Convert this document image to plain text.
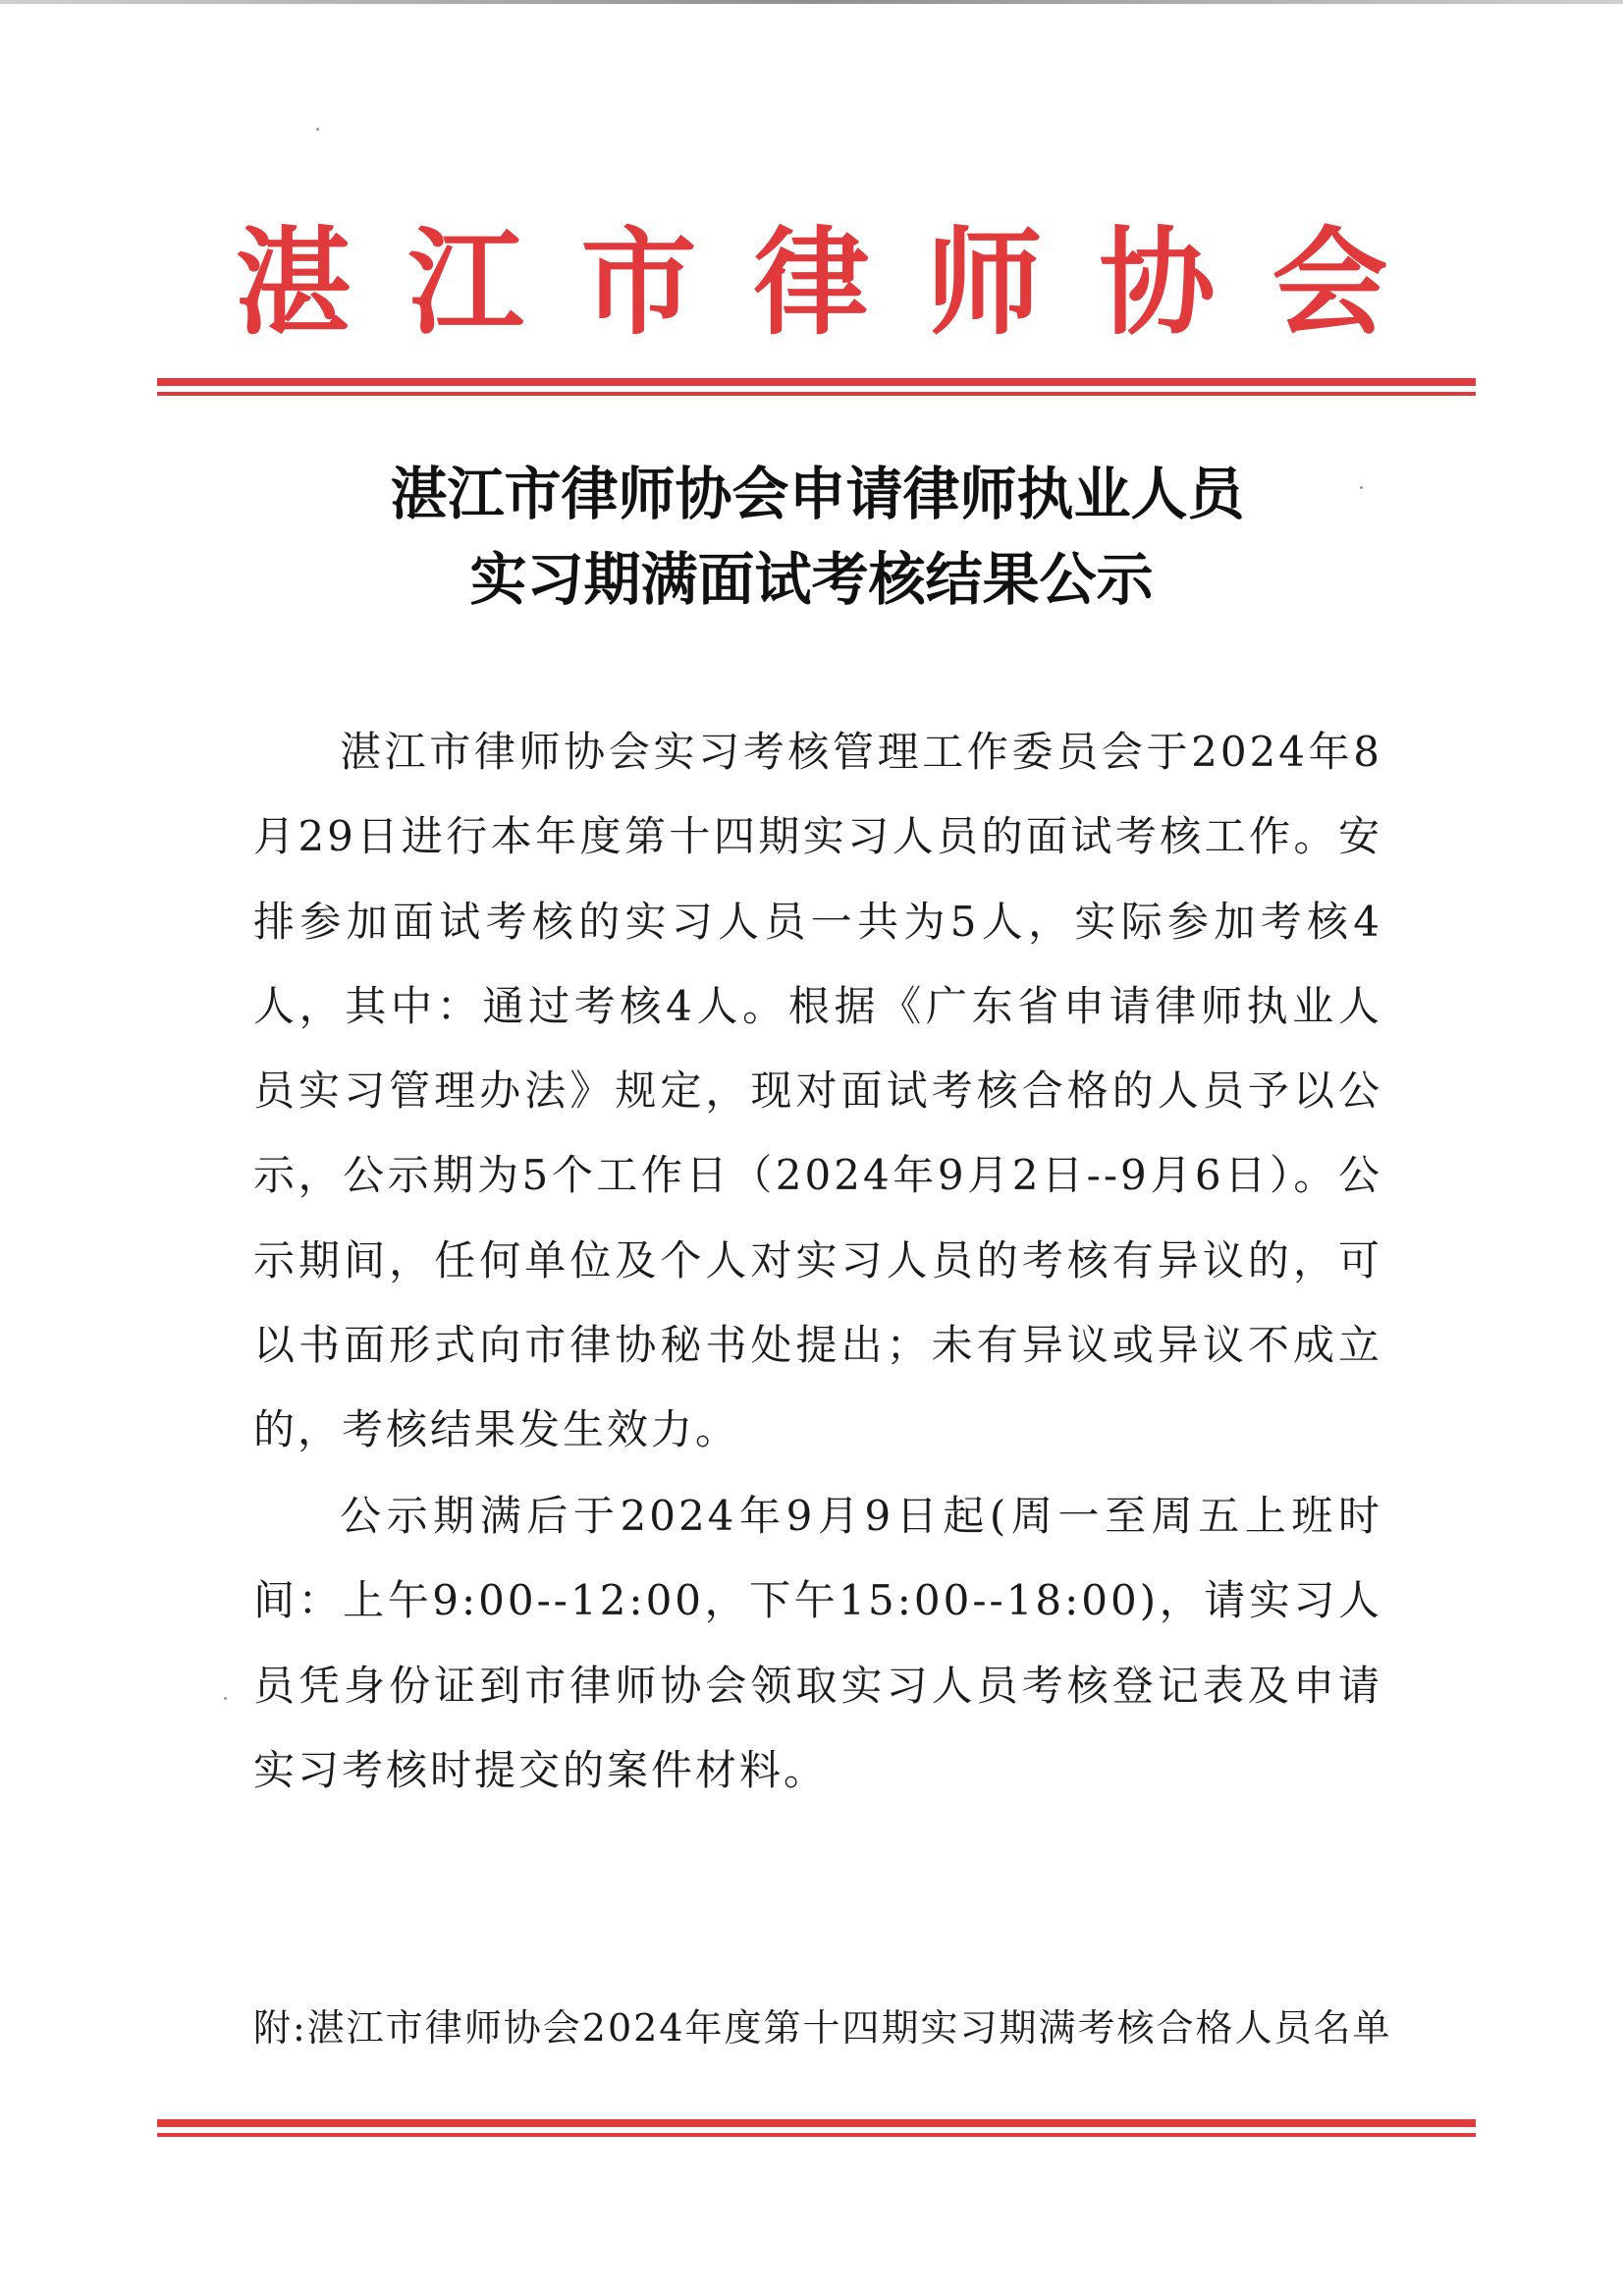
湛江市律师协会
湛江市律师协会申请律师执业人员
实习期满面试考核结果公示

湛江市律师协会实习考核管理工作委员会于2024年8月29日进行本年度第十四期实习人员的面试考核工作。安排参加面试考核的实习人员一共为5人，实际参加考核4人，其中：通过考核4人。根据《广东省申请律师执业人员实习管理办法》规定，现对面试考核合格的人员予以公示，公示期为5个工作日（2024年9月2日--9月6日）。公示期间，任何单位及个人对实习人员的考核有异议的，可以书面形式向市律协秘书处提出；未有异议或异议不成立的，考核结果发生效力。

公示期满后于2024年9月9日起(周一至周五上班时间：上午9:00--12:00，下午15:00--18:00)，请实习人员凭身份证到市律师协会领取实习人员考核登记表及申请实习考核时提交的案件材料。

附:湛江市律师协会2024年度第十四期实习期满考核合格人员名单
